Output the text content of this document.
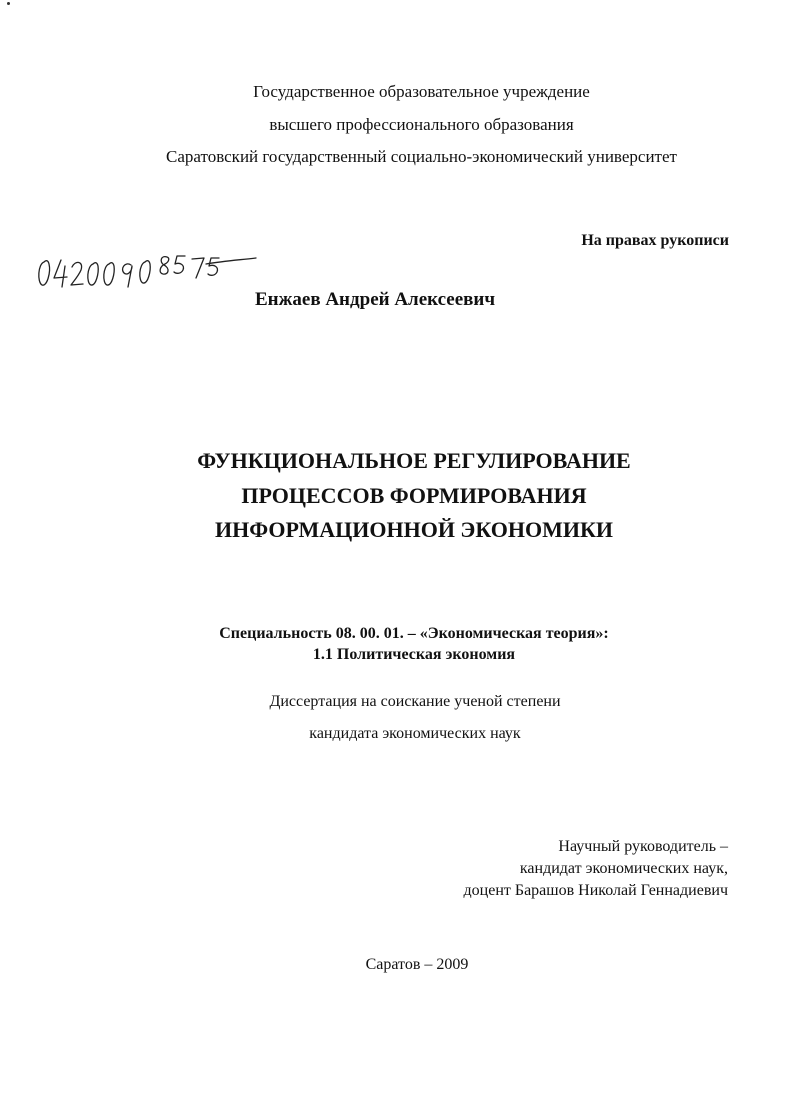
Государственное образовательное учреждение
высшего профессионального образования
Саратовский государственный социально-экономический университет
На правах рукописи
Енжаев Андрей Алексеевич
ФУНКЦИОНАЛЬНОЕ РЕГУЛИРОВАНИЕ
ПРОЦЕССОВ ФОРМИРОВАНИЯ
ИНФОРМАЦИОННОЙ ЭКОНОМИКИ
Специальность 08. 00. 01. – «Экономическая теория»:
1.1 Политическая экономия
Диссертация на соискание ученой степени
кандидата экономических наук
Научный руководитель –
кандидат экономических наук,
доцент Барашов Николай Геннадиевич
Саратов – 2009
